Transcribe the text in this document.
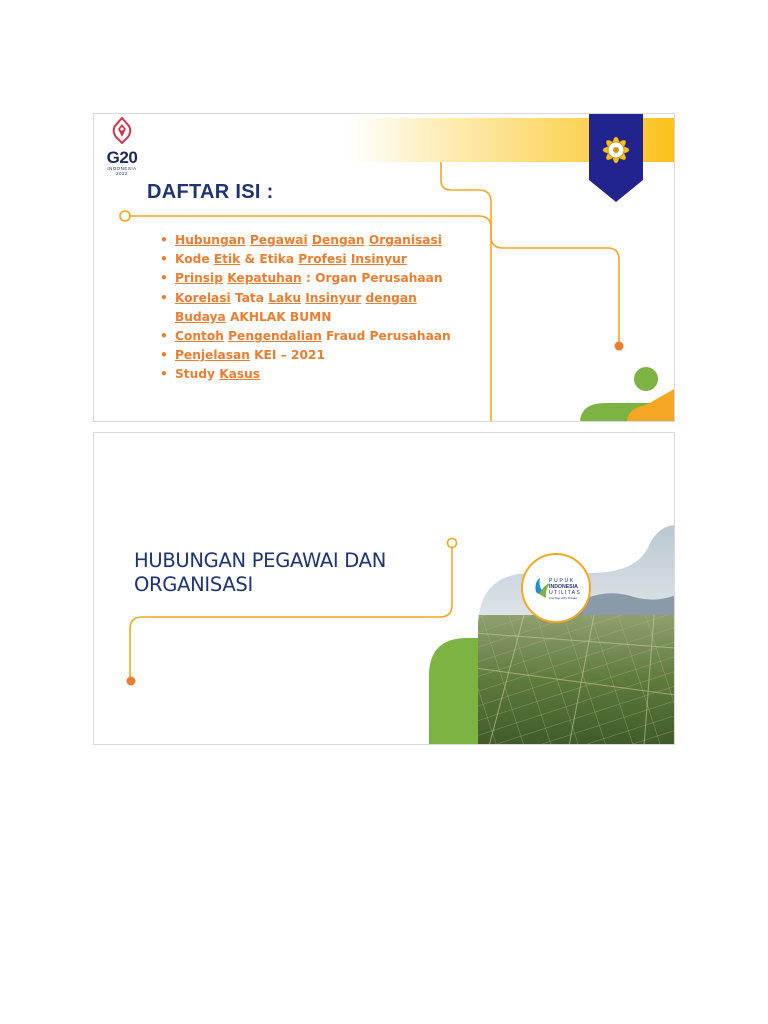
G20
INDONESIA
2022
DAFTAR ISI :
• Hubungan Pegawai Dengan Organisasi
• Kode Etik & Etika Profesi Insinyur
• Prinsip Kepatuhan : Organ Perusahaan
• Korelasi Tata Laku Insinyur dengan
Budaya AKHLAK BUMN
• Contoh Pengendalian Fraud Perusahaan
• Penjelasan KEI – 2021
• Study Kasus
HUBUNGAN PEGAWAI DAN
ORGANISASI	PUPUK
INDONESIA
UTILITAS
One Stop Utility Provider
